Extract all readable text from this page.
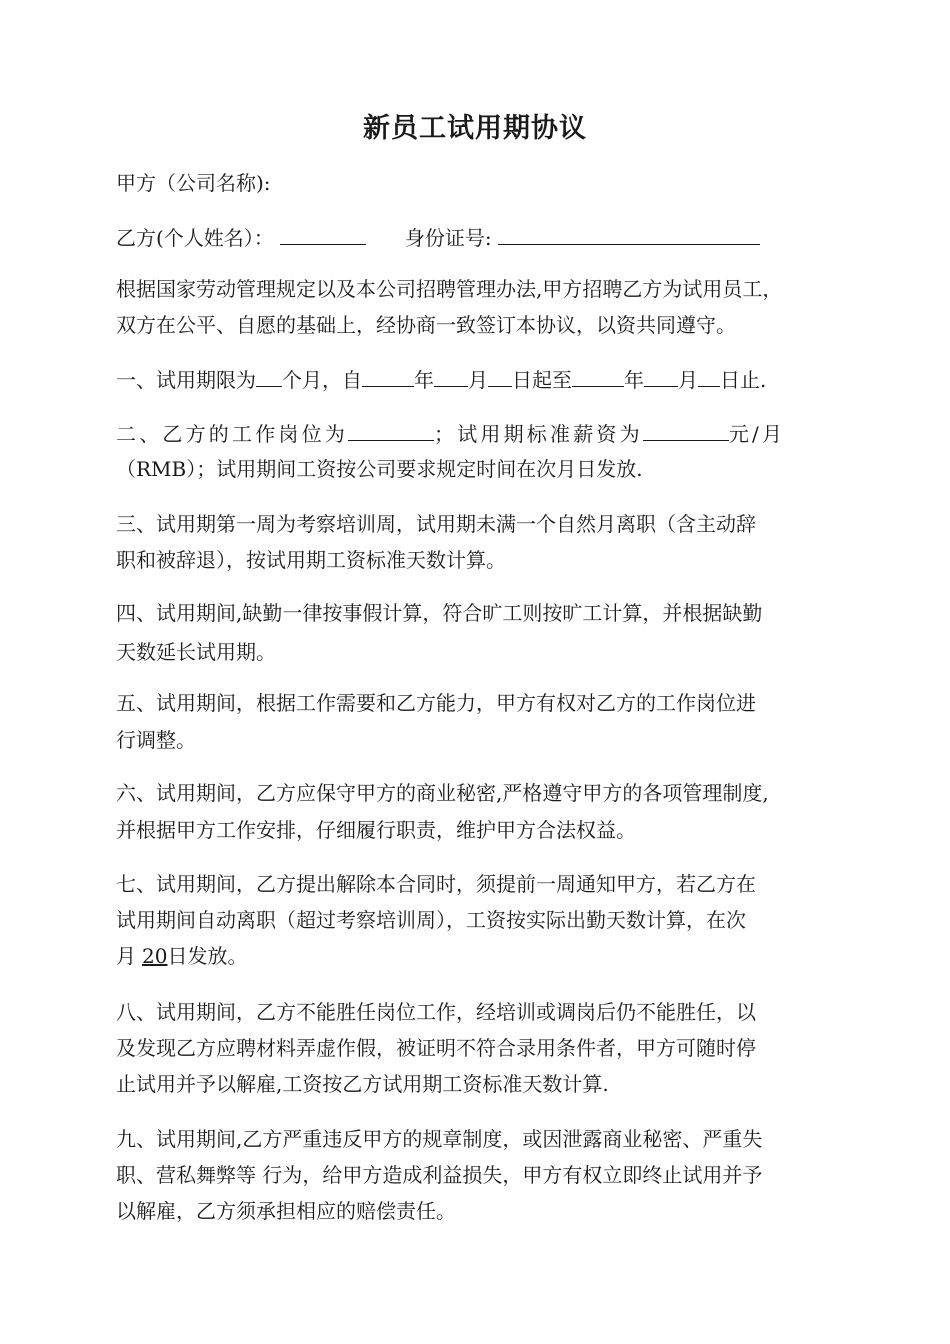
新员工试用期协议
甲方（公司名称):
乙方(个人姓名）：	身份证号:
根据国家劳动管理规定以及本公司招聘管理办法,甲方招聘乙方为试用员工，
双方在公平、自愿的基础上，经协商一致签订本协议，以资共同遵守。
一、试用期限为 个月，自	年 月 日起至	年 月 日止.
二、乙方的工作岗位为	；试用期标准薪资为	元/月
（RMB）；试用期间工资按公司要求规定时间在次月日发放.
三、试用期第一周为考察培训周，试用期未满一个自然月离职（含主动辞
职和被辞退），按试用期工资标准天数计算。
四、试用期间,缺勤一律按事假计算，符合旷工则按旷工计算，并根据缺勤
天数延长试用期。
五、试用期间，根据工作需要和乙方能力，甲方有权对乙方的工作岗位进
行调整。
六、试用期间，乙方应保守甲方的商业秘密,严格遵守甲方的各项管理制度,
并根据甲方工作安排，仔细履行职责，维护甲方合法权益。
七、试用期间，乙方提出解除本合同时，须提前一周通知甲方，若乙方在
试用期间自动离职（超过考察培训周），工资按实际出勤天数计算，在次
月 20日发放。
八、试用期间，乙方不能胜任岗位工作，经培训或调岗后仍不能胜任，以
及发现乙方应聘材料弄虚作假，被证明不符合录用条件者，甲方可随时停
止试用并予以解雇,工资按乙方试用期工资标准天数计算.
九、试用期间,乙方严重违反甲方的规章制度，或因泄露商业秘密、严重失
职、营私舞弊等 行为，给甲方造成利益损失，甲方有权立即终止试用并予
以解雇，乙方须承担相应的赔偿责任。
